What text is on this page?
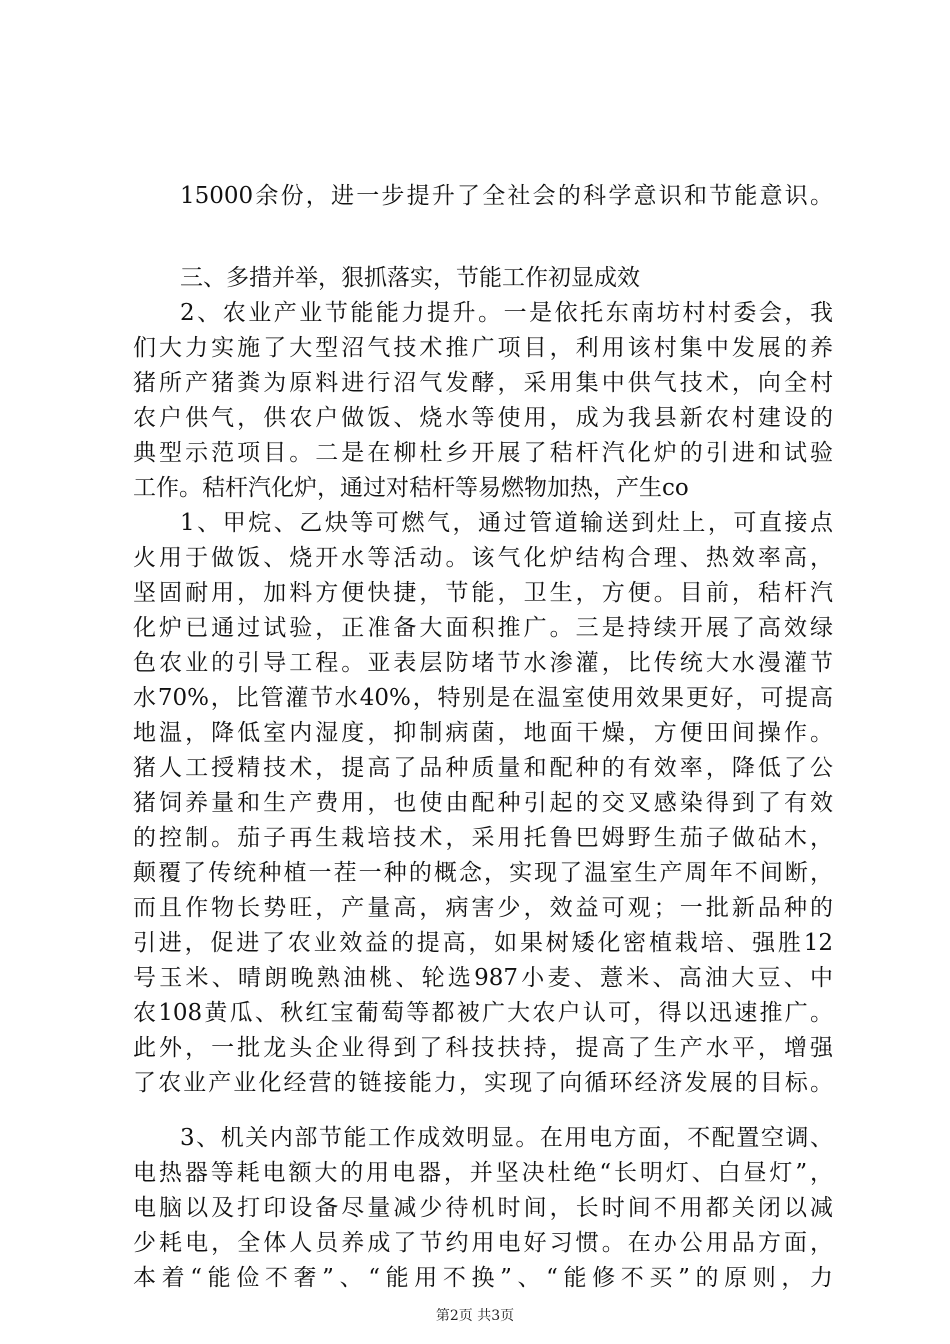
15000余份，进一步提升了全社会的科学意识和节能意识。
三、多措并举，狠抓落实，节能工作初显成效
2、农业产业节能能力提升。一是依托东南坊村村委会，我
们大力实施了大型沼气技术推广项目，利用该村集中发展的养
猪所产猪粪为原料进行沼气发酵，采用集中供气技术，向全村
农户供气，供农户做饭、烧水等使用，成为我县新农村建设的
典型示范项目。二是在柳杜乡开展了秸杆汽化炉的引进和试验
工作。秸杆汽化炉，通过对秸杆等易燃物加热，产生co
1、甲烷、乙炔等可燃气，通过管道输送到灶上，可直接点
火用于做饭、烧开水等活动。该气化炉结构合理、热效率高，
坚固耐用，加料方便快捷，节能，卫生，方便。目前，秸杆汽
化炉已通过试验，正准备大面积推广。三是持续开展了高效绿
色农业的引导工程。亚表层防堵节水渗灌，比传统大水漫灌节
水70%，比管灌节水40%，特别是在温室使用效果更好，可提高
地温，降低室内湿度，抑制病菌，地面干燥，方便田间操作。
猪人工授精技术，提高了品种质量和配种的有效率，降低了公
猪饲养量和生产费用，也使由配种引起的交叉感染得到了有效
的控制。茄子再生栽培技术，采用托鲁巴姆野生茄子做砧木，
颠覆了传统种植一茬一种的概念，实现了温室生产周年不间断，
而且作物长势旺，产量高，病害少，效益可观；一批新品种的
引进，促进了农业效益的提高，如果树矮化密植栽培、强胜12
号玉米、晴朗晚熟油桃、轮选987小麦、薏米、高油大豆、中
农108黄瓜、秋红宝葡萄等都被广大农户认可，得以迅速推广。
此外，一批龙头企业得到了科技扶持，提高了生产水平，增强
了农业产业化经营的链接能力，实现了向循环经济发展的目标。
3、机关内部节能工作成效明显。在用电方面，不配置空调、
电热器等耗电额大的用电器，并坚决杜绝“长明灯、白昼灯”，
电脑以及打印设备尽量减少待机时间，长时间不用都关闭以减
少耗电，全体人员养成了节约用电好习惯。在办公用品方面，
本着“能俭不奢”、“能用不换”、“能修不买”的原则，力
第2页 共3页
